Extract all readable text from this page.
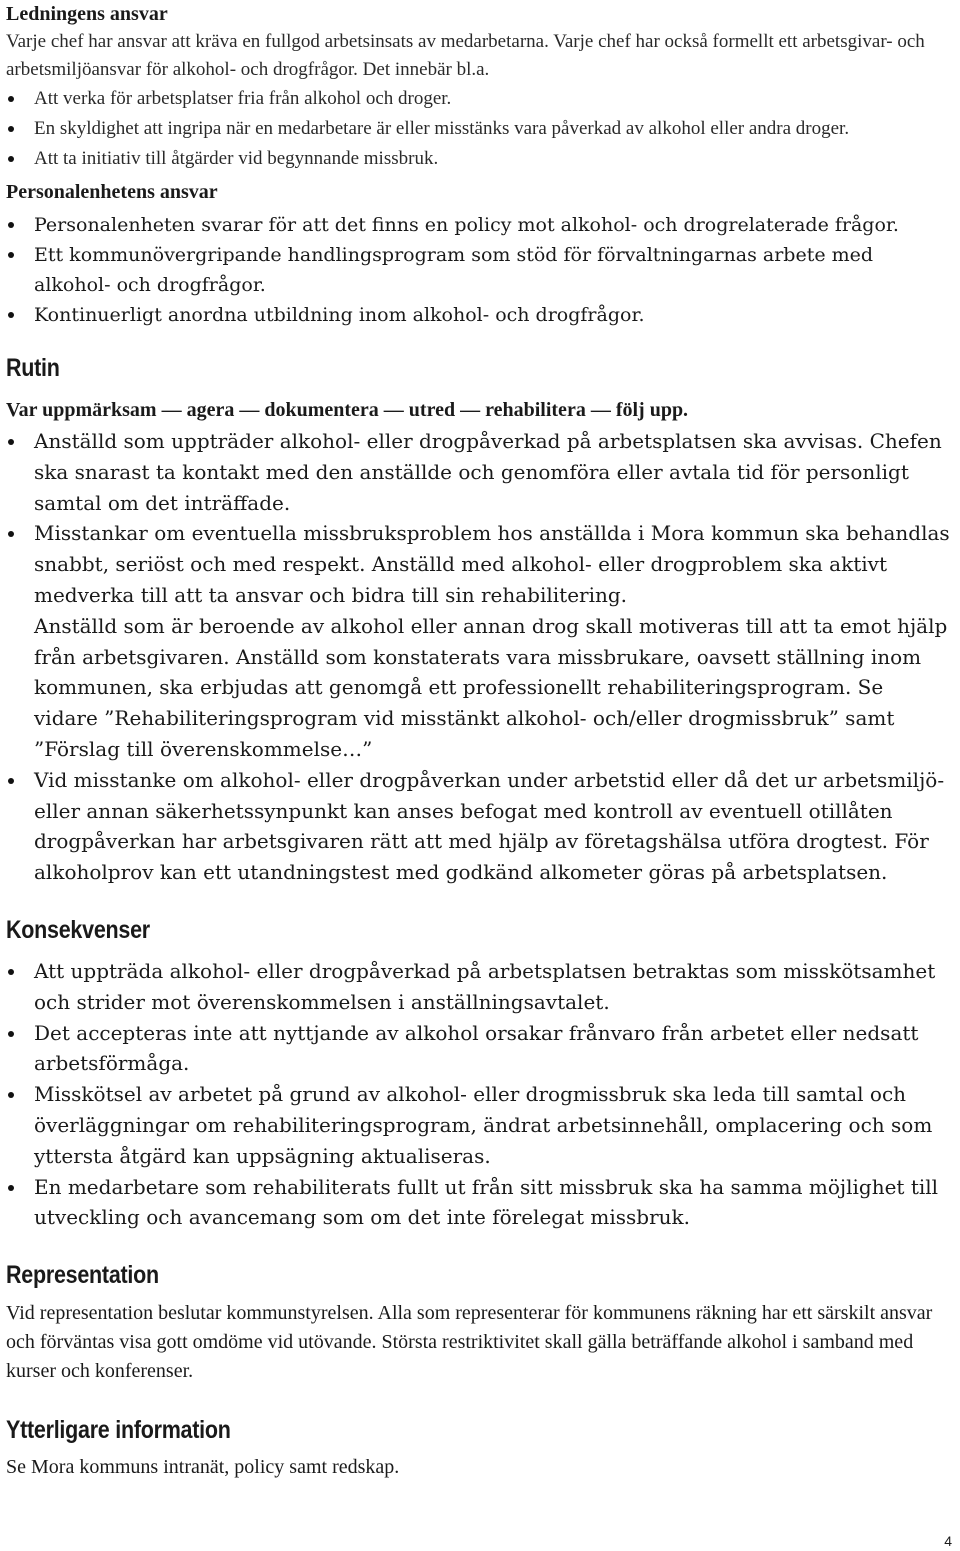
Ledningens ansvar

Varje chef har ansvar att kräva en fullgod arbetsinsats av medarbetarna. Varje chef har också formellt ett arbetsgivar- och arbetsmiljöansvar för alkohol- och drogfrågor. Det innebär bl.a.

Att verka för arbetsplatser fria från alkohol och droger.
En skyldighet att ingripa när en medarbetare är eller misstänks vara påverkad av alkohol eller andra droger.
Att ta initiativ till åtgärder vid begynnande missbruk.
Personalenhetens ansvar
Personalenheten svarar för att det finns en policy mot alkohol- och drogrelaterade frågor.
Ett kommunövergripande handlingsprogram som stöd för förvaltningarnas arbete med alkohol- och drogfrågor.
Kontinuerligt anordna utbildning inom alkohol- och drogfrågor.
Rutin

Var uppmärksam — agera — dokumentera — utred — rehabilitera — följ upp.

Anställd som uppträder alkohol- eller drogpåverkad på arbetsplatsen ska avvisas. Chefen ska snarast ta kontakt med den anställde och genomföra eller avtala tid för personligt samtal om det inträffade.
Misstankar om eventuella missbruksproblem hos anställda i Mora kommun ska behandlas snabbt, seriöst och med respekt. Anställd med alkohol- eller drogproblem ska aktivt medverka till att ta ansvar och bidra till sin rehabilitering.
Anställd som är beroende av alkohol eller annan drog skall motiveras till att ta emot hjälp från arbetsgivaren. Anställd som konstaterats vara missbrukare, oavsett ställning inom kommunen, ska erbjudas att genomgå ett professionellt rehabiliteringsprogram. Se vidare ”Rehabiliteringsprogram vid misstänkt alkohol- och/eller drogmissbruk” samt ”Förslag till överenskommelse…”
Vid misstanke om alkohol- eller drogpåverkan under arbetstid eller då det ur arbetsmiljö- eller annan säkerhetssynpunkt kan anses befogat med kontroll av eventuell otillåten drogpåverkan har arbetsgivaren rätt att med hjälp av företagshälsa utföra drogtest. För alkoholprov kan ett utandningstest med godkänd alkometer göras på arbetsplatsen.
Konsekvenser
Att uppträda alkohol- eller drogpåverkad på arbetsplatsen betraktas som misskötsamhet och strider mot överenskommelsen i anställningsavtalet.
Det accepteras inte att nyttjande av alkohol orsakar frånvaro från arbetet eller nedsatt arbetsförmåga.
Misskötsel av arbetet på grund av alkohol- eller drogmissbruk ska leda till samtal och överläggningar om rehabiliteringsprogram, ändrat arbetsinnehåll, omplacering och som yttersta åtgärd kan uppsägning aktualiseras.
En medarbetare som rehabiliterats fullt ut från sitt missbruk ska ha samma möjlighet till utveckling och avancemang som om det inte förelegat missbruk.
Representation

Vid representation beslutar kommunstyrelsen. Alla som representerar för kommunens räkning har ett särskilt ansvar och förväntas visa gott omdöme vid utövande. Största restriktivitet skall gälla beträffande alkohol i samband med kurser och konferenser.

Ytterligare information

Se Mora kommuns intranät, policy samt redskap.

4
